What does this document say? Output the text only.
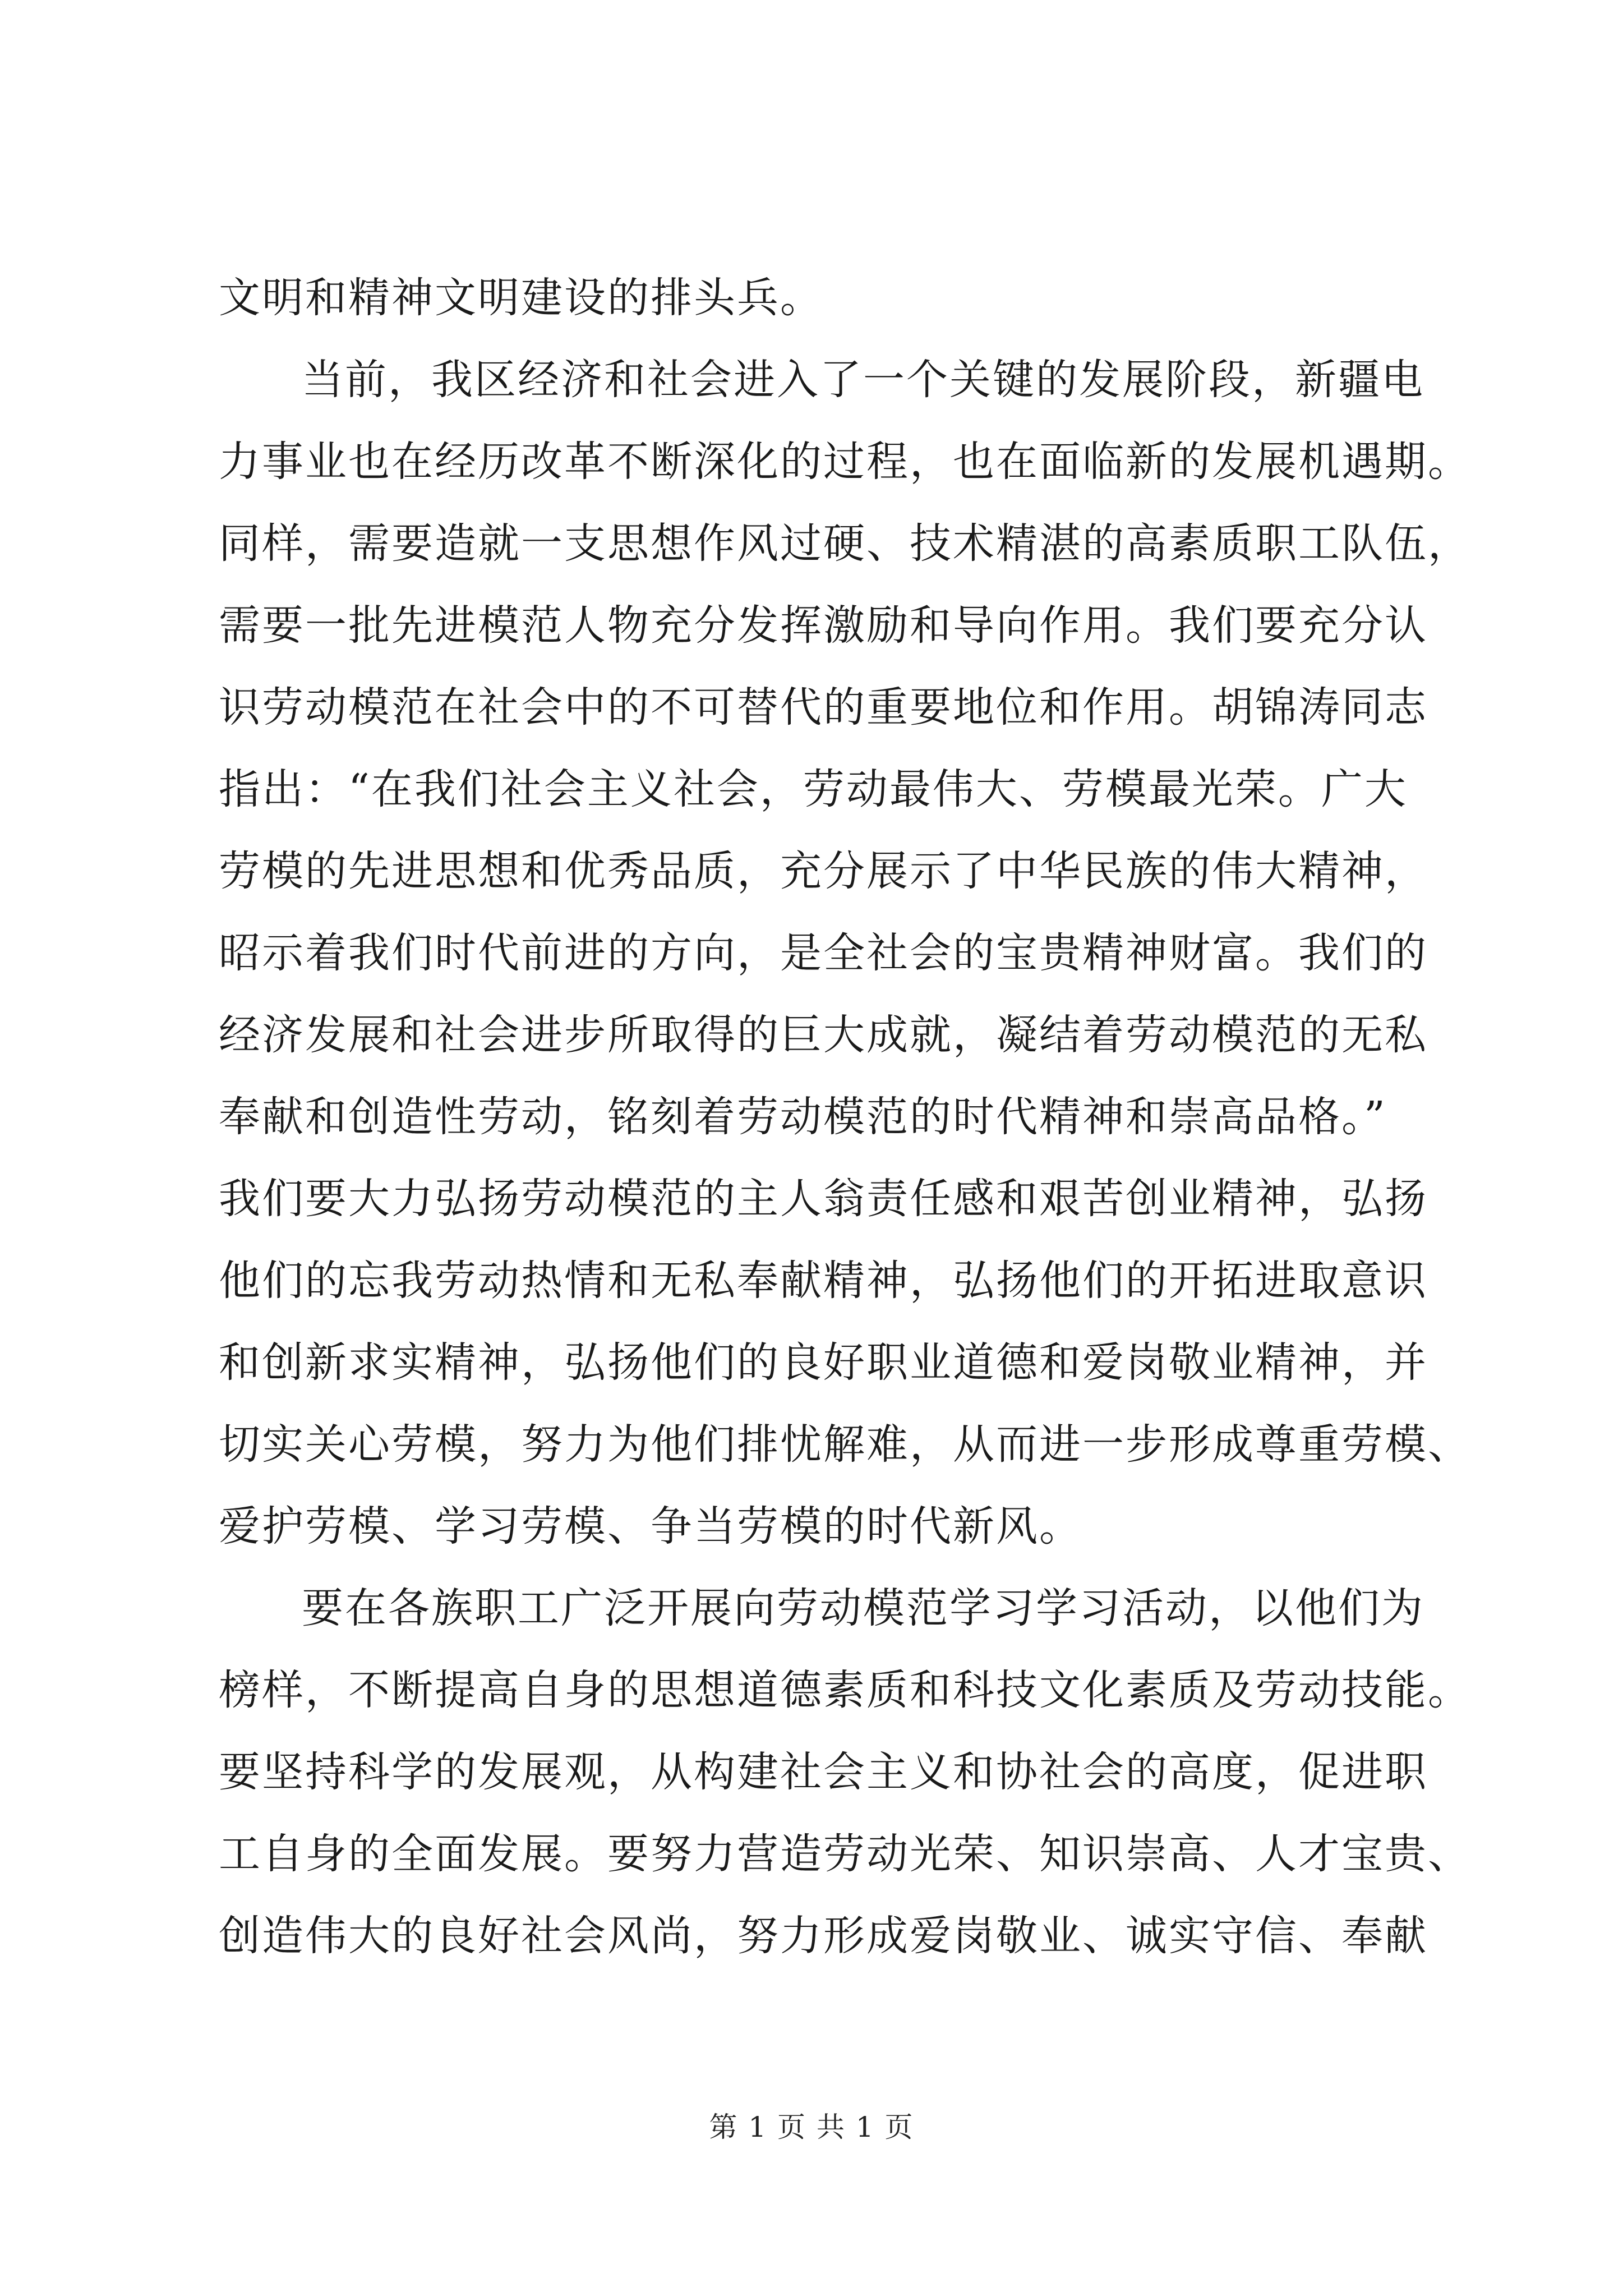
文明和精神文明建设的排头兵。
当前，我区经济和社会进入了一个关键的发展阶段，新疆电
力事业也在经历改革不断深化的过程，也在面临新的发展机遇期。
同样，需要造就一支思想作风过硬、技术精湛的高素质职工队伍，
需要一批先进模范人物充分发挥激励和导向作用。我们要充分认
识劳动模范在社会中的不可替代的重要地位和作用。胡锦涛同志
指出：“在我们社会主义社会，劳动最伟大、劳模最光荣。广大
劳模的先进思想和优秀品质，充分展示了中华民族的伟大精神，
昭示着我们时代前进的方向，是全社会的宝贵精神财富。我们的
经济发展和社会进步所取得的巨大成就，凝结着劳动模范的无私
奉献和创造性劳动，铭刻着劳动模范的时代精神和崇高品格。”
我们要大力弘扬劳动模范的主人翁责任感和艰苦创业精神，弘扬
他们的忘我劳动热情和无私奉献精神，弘扬他们的开拓进取意识
和创新求实精神，弘扬他们的良好职业道德和爱岗敬业精神，并
切实关心劳模，努力为他们排忧解难，从而进一步形成尊重劳模、
爱护劳模、学习劳模、争当劳模的时代新风。
要在各族职工广泛开展向劳动模范学习学习活动，以他们为
榜样，不断提高自身的思想道德素质和科技文化素质及劳动技能。
要坚持科学的发展观，从构建社会主义和协社会的高度，促进职
工自身的全面发展。要努力营造劳动光荣、知识崇高、人才宝贵、
创造伟大的良好社会风尚，努力形成爱岗敬业、诚实守信、奉献
第 1 页 共 1 页
